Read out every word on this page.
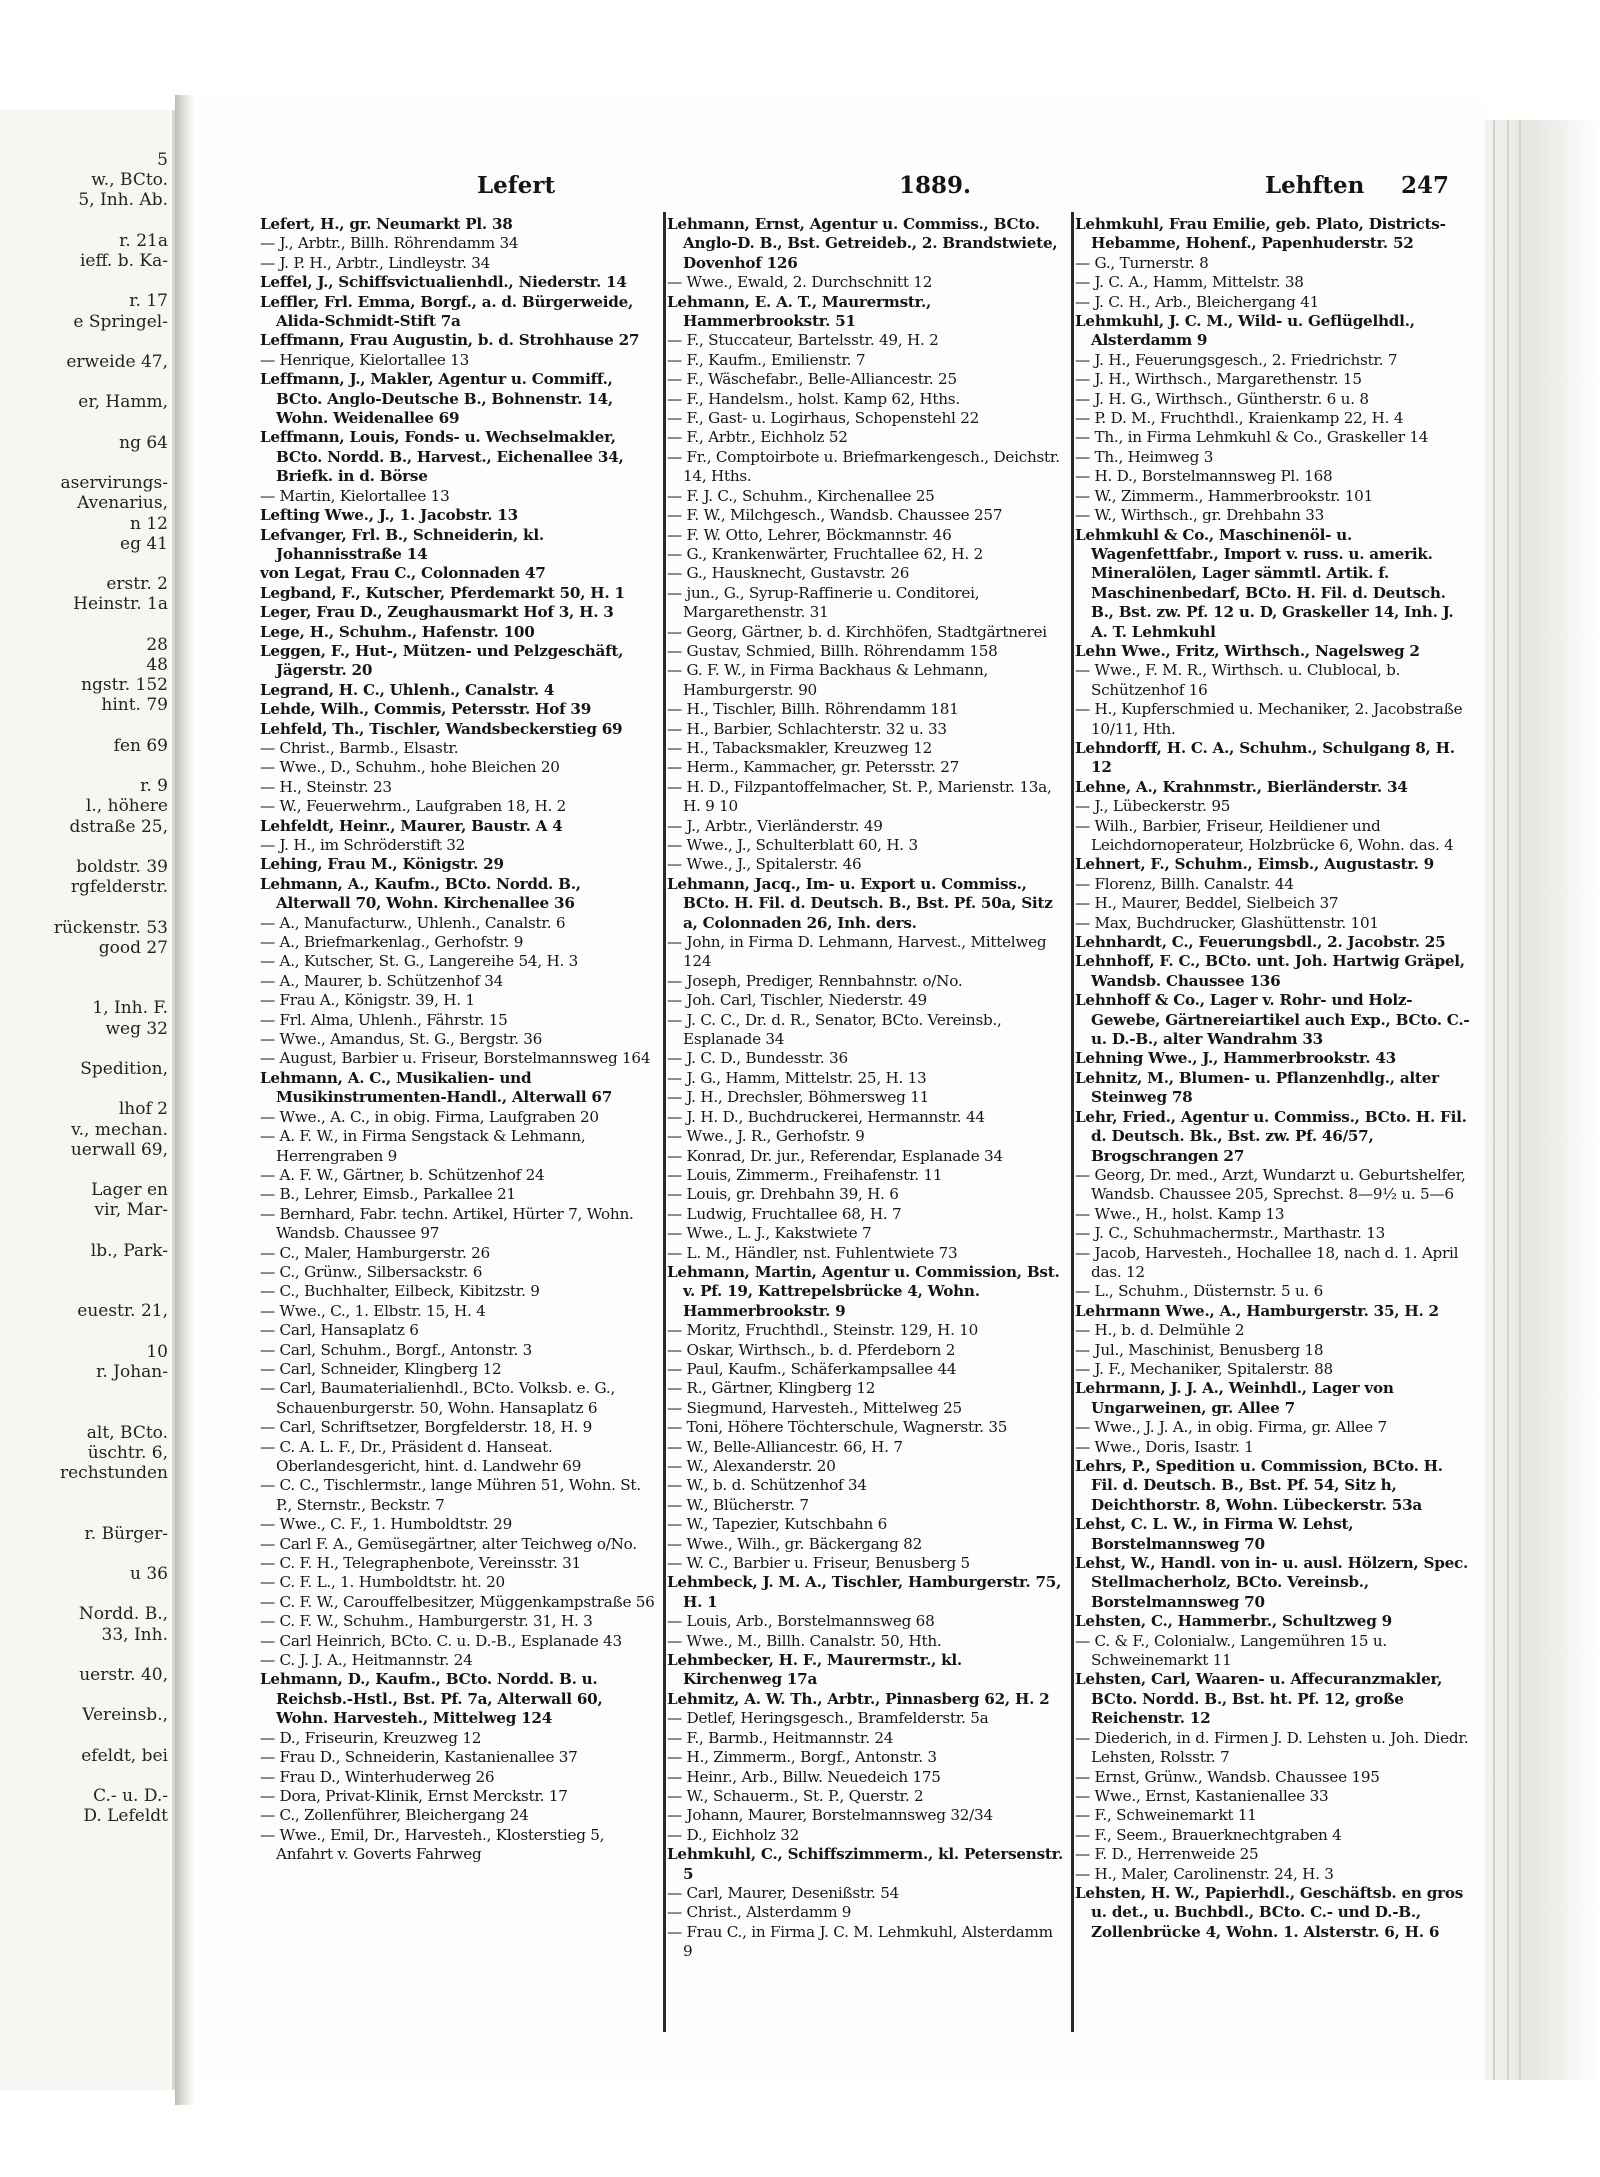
5
w., BCto.
5, Inh. Ab.
r. 21a
ieff. b. Ka-
r. 17
e Springel-
erweide 47,
er, Hamm,
ng 64
aservirungs-
Avenarius,
n 12
eg 41
erstr. 2
Heinstr. 1a
28
48
ngstr. 152
hint. 79
fen 69
r. 9
l., höhere
dstraße 25,
boldstr. 39
rgfelderstr.
rückenstr. 53
good 27
1, Inh. F.
weg 32
Spedition,
lhof 2
v., mechan.
uerwall 69,
Lager en
vir, Mar-
lb., Park-
euestr. 21,
10
r. Johan-
alt, BCto.
üschtr. 6,
rechstunden
r. Bürger-
u 36
Nordd. B.,
33, Inh.
uerstr. 40,
Vereinsb.,
efeldt, bei
C.- u. D.-
D. Lefeldt
Lefert	1889.	Lehften 247

Lefert, H., gr. Neumarkt Pl. 38

— J., Arbtr., Billh. Röhrendamm 34

— J. P. H., Arbtr., Lindleystr. 34

Leffel, J., Schiffsvictualienhdl., Niederstr. 14

Leffler, Frl. Emma, Borgf., a. d. Bürgerweide, Alida-Schmidt-Stift 7a

Leffmann, Frau Augustin, b. d. Strohhause 27

— Henrique, Kielortallee 13

Leffmann, J., Makler, Agentur u. Commiff., BCto. Anglo-Deutsche B., Bohnenstr. 14, Wohn. Weidenallee 69

Leffmann, Louis, Fonds- u. Wechselmakler, BCto. Nordd. B., Harvest., Eichenallee 34, Briefk. in d. Börse

— Martin, Kielortallee 13

Lefting Wwe., J., 1. Jacobstr. 13

Lefvanger, Frl. B., Schneiderin, kl. Johannisstraße 14

von Legat, Frau C., Colonnaden 47

Legband, F., Kutscher, Pferdemarkt 50, H. 1

Leger, Frau D., Zeughausmarkt Hof 3, H. 3

Lege, H., Schuhm., Hafenstr. 100

Leggen, F., Hut-, Mützen- und Pelzgeschäft, Jägerstr. 20

Legrand, H. C., Uhlenh., Canalstr. 4

Lehde, Wilh., Commis, Petersstr. Hof 39

Lehfeld, Th., Tischler, Wandsbeckerstieg 69

— Christ., Barmb., Elsastr.

— Wwe., D., Schuhm., hohe Bleichen 20

— H., Steinstr. 23

— W., Feuerwehrm., Laufgraben 18, H. 2

Lehfeldt, Heinr., Maurer, Baustr. A 4

— J. H., im Schröderstift 32

Lehing, Frau M., Königstr. 29

Lehmann, A., Kaufm., BCto. Nordd. B., Alterwall 70, Wohn. Kirchenallee 36

— A., Manufacturw., Uhlenh., Canalstr. 6

— A., Briefmarkenlag., Gerhofstr. 9

— A., Kutscher, St. G., Langereihe 54, H. 3

— A., Maurer, b. Schützenhof 34

— Frau A., Königstr. 39, H. 1

— Frl. Alma, Uhlenh., Fährstr. 15

— Wwe., Amandus, St. G., Bergstr. 36

— August, Barbier u. Friseur, Borstelmannsweg 164

Lehmann, A. C., Musikalien- und Musikinstrumenten-Handl., Alterwall 67

— Wwe., A. C., in obig. Firma, Laufgraben 20

— A. F. W., in Firma Sengstack & Lehmann, Herrengraben 9

— A. F. W., Gärtner, b. Schützenhof 24

— B., Lehrer, Eimsb., Parkallee 21

— Bernhard, Fabr. techn. Artikel, Hürter 7, Wohn. Wandsb. Chaussee 97

— C., Maler, Hamburgerstr. 26

— C., Grünw., Silbersackstr. 6

— C., Buchhalter, Eilbeck, Kibitzstr. 9

— Wwe., C., 1. Elbstr. 15, H. 4

— Carl, Hansaplatz 6

— Carl, Schuhm., Borgf., Antonstr. 3

— Carl, Schneider, Klingberg 12

— Carl, Baumaterialienhdl., BCto. Volksb. e. G., Schauenburgerstr. 50, Wohn. Hansaplatz 6

— Carl, Schriftsetzer, Borgfelderstr. 18, H. 9

— C. A. L. F., Dr., Präsident d. Hanseat. Oberlandesgericht, hint. d. Landwehr 69

— C. C., Tischlermstr., lange Mühren 51, Wohn. St. P., Sternstr., Beckstr. 7

— Wwe., C. F., 1. Humboldtstr. 29

— Carl F. A., Gemüsegärtner, alter Teichweg o/No.

— C. F. H., Telegraphenbote, Vereinsstr. 31

— C. F. L., 1. Humboldtstr. ht. 20

— C. F. W., Carouffelbesitzer, Müggenkampstraße 56

— C. F. W., Schuhm., Hamburgerstr. 31, H. 3

— Carl Heinrich, BCto. C. u. D.-B., Esplanade 43

— C. J. J. A., Heitmannstr. 24

Lehmann, D., Kaufm., BCto. Nordd. B. u. Reichsb.-Hstl., Bst. Pf. 7a, Alterwall 60, Wohn. Harvesteh., Mittelweg 124

— D., Friseurin, Kreuzweg 12

— Frau D., Schneiderin, Kastanienallee 37

— Frau D., Winterhuderweg 26

— Dora, Privat-Klinik, Ernst Merckstr. 17

— C., Zollenführer, Bleichergang 24

— Wwe., Emil, Dr., Harvesteh., Klosterstieg 5, Anfahrt v. Goverts Fahrweg

Lehmann, Ernst, Agentur u. Commiss., BCto. Anglo-D. B., Bst. Getreideb., 2. Brandstwiete, Dovenhof 126

— Wwe., Ewald, 2. Durchschnitt 12

Lehmann, E. A. T., Maurermstr., Hammerbrookstr. 51

— F., Stuccateur, Bartelsstr. 49, H. 2

— F., Kaufm., Emilienstr. 7

— F., Wäschefabr., Belle-Alliancestr. 25

— F., Handelsm., holst. Kamp 62, Hths.

— F., Gast- u. Logirhaus, Schopenstehl 22

— F., Arbtr., Eichholz 52

— Fr., Comptoirbote u. Briefmarkengesch., Deichstr. 14, Hths.

— F. J. C., Schuhm., Kirchenallee 25

— F. W., Milchgesch., Wandsb. Chaussee 257

— F. W. Otto, Lehrer, Böckmannstr. 46

— G., Krankenwärter, Fruchtallee 62, H. 2

— G., Hausknecht, Gustavstr. 26

— jun., G., Syrup-Raffinerie u. Conditorei, Margarethenstr. 31

— Georg, Gärtner, b. d. Kirchhöfen, Stadtgärtnerei

— Gustav, Schmied, Billh. Röhrendamm 158

— G. F. W., in Firma Backhaus & Lehmann, Hamburgerstr. 90

— H., Tischler, Billh. Röhrendamm 181

— H., Barbier, Schlachterstr. 32 u. 33

— H., Tabacksmakler, Kreuzweg 12

— Herm., Kammacher, gr. Petersstr. 27

— H. D., Filzpantoffelmacher, St. P., Marienstr. 13a, H. 9 10

— J., Arbtr., Vierländerstr. 49

— Wwe., J., Schulterblatt 60, H. 3

— Wwe., J., Spitalerstr. 46

Lehmann, Jacq., Im- u. Export u. Commiss., BCto. H. Fil. d. Deutsch. B., Bst. Pf. 50a, Sitz a, Colonnaden 26, Inh. ders.

— John, in Firma D. Lehmann, Harvest., Mittelweg 124

— Joseph, Prediger, Rennbahnstr. o/No.

— Joh. Carl, Tischler, Niederstr. 49

— J. C. C., Dr. d. R., Senator, BCto. Vereinsb., Esplanade 34

— J. C. D., Bundesstr. 36

— J. G., Hamm, Mittelstr. 25, H. 13

— J. H., Drechsler, Böhmersweg 11

— J. H. D., Buchdruckerei, Hermannstr. 44

— Wwe., J. R., Gerhofstr. 9

— Konrad, Dr. jur., Referendar, Esplanade 34

— Louis, Zimmerm., Freihafenstr. 11

— Louis, gr. Drehbahn 39, H. 6

— Ludwig, Fruchtallee 68, H. 7

— Wwe., L. J., Kakstwiete 7

— L. M., Händler, nst. Fuhlentwiete 73

Lehmann, Martin, Agentur u. Commission, Bst. v. Pf. 19, Kattrepelsbrücke 4, Wohn. Hammerbrookstr. 9

— Moritz, Fruchthdl., Steinstr. 129, H. 10

— Oskar, Wirthsch., b. d. Pferdeborn 2

— Paul, Kaufm., Schäferkampsallee 44

— R., Gärtner, Klingberg 12

— Siegmund, Harvesteh., Mittelweg 25

— Toni, Höhere Töchterschule, Wagnerstr. 35

— W., Belle-Alliancestr. 66, H. 7

— W., Alexanderstr. 20

— W., b. d. Schützenhof 34

— W., Blücherstr. 7

— W., Tapezier, Kutschbahn 6

— Wwe., Wilh., gr. Bäckergang 82

— W. C., Barbier u. Friseur, Benusberg 5

Lehmbeck, J. M. A., Tischler, Hamburgerstr. 75, H. 1

— Louis, Arb., Borstelmannsweg 68

— Wwe., M., Billh. Canalstr. 50, Hth.

Lehmbecker, H. F., Maurermstr., kl. Kirchenweg 17a

Lehmitz, A. W. Th., Arbtr., Pinnasberg 62, H. 2

— Detlef, Heringsgesch., Bramfelderstr. 5a

— F., Barmb., Heitmannstr. 24

— H., Zimmerm., Borgf., Antonstr. 3

— Heinr., Arb., Billw. Neuedeich 175

— W., Schauerm., St. P., Querstr. 2

— Johann, Maurer, Borstelmannsweg 32/34

— D., Eichholz 32

Lehmkuhl, C., Schiffszimmerm., kl. Petersenstr. 5

— Carl, Maurer, Desenißstr. 54

— Christ., Alsterdamm 9

— Frau C., in Firma J. C. M. Lehmkuhl, Alsterdamm 9

Lehmkuhl, Frau Emilie, geb. Plato, Districts-Hebamme, Hohenf., Papenhuderstr. 52

— G., Turnerstr. 8

— J. C. A., Hamm, Mittelstr. 38

— J. C. H., Arb., Bleichergang 41

Lehmkuhl, J. C. M., Wild- u. Geflügelhdl., Alsterdamm 9

— J. H., Feuerungsgesch., 2. Friedrichstr. 7

— J. H., Wirthsch., Margarethenstr. 15

— J. H. G., Wirthsch., Güntherstr. 6 u. 8

— P. D. M., Fruchthdl., Kraienkamp 22, H. 4

— Th., in Firma Lehmkuhl & Co., Graskeller 14

— Th., Heimweg 3

— H. D., Borstelmannsweg Pl. 168

— W., Zimmerm., Hammerbrookstr. 101

— W., Wirthsch., gr. Drehbahn 33

Lehmkuhl & Co., Maschinenöl- u. Wagenfettfabr., Import v. russ. u. amerik. Mineralölen, Lager sämmtl. Artik. f. Maschinenbedarf, BCto. H. Fil. d. Deutsch. B., Bst. zw. Pf. 12 u. D, Graskeller 14, Inh. J. A. T. Lehmkuhl

Lehn Wwe., Fritz, Wirthsch., Nagelsweg 2

— Wwe., F. M. R., Wirthsch. u. Clublocal, b. Schützenhof 16

— H., Kupferschmied u. Mechaniker, 2. Jacobstraße 10/11, Hth.

Lehndorff, H. C. A., Schuhm., Schulgang 8, H. 12

Lehne, A., Krahnmstr., Bierländerstr. 34

— J., Lübeckerstr. 95

— Wilh., Barbier, Friseur, Heildiener und Leichdornoperateur, Holzbrücke 6, Wohn. das. 4

Lehnert, F., Schuhm., Eimsb., Augustastr. 9

— Florenz, Billh. Canalstr. 44

— H., Maurer, Beddel, Sielbeich 37

— Max, Buchdrucker, Glashüttenstr. 101

Lehnhardt, C., Feuerungsbdl., 2. Jacobstr. 25

Lehnhoff, F. C., BCto. unt. Joh. Hartwig Gräpel, Wandsb. Chaussee 136

Lehnhoff & Co., Lager v. Rohr- und Holz-Gewebe, Gärtnereiartikel auch Exp., BCto. C.- u. D.-B., alter Wandrahm 33

Lehning Wwe., J., Hammerbrookstr. 43

Lehnitz, M., Blumen- u. Pflanzenhdlg., alter Steinweg 78

Lehr, Fried., Agentur u. Commiss., BCto. H. Fil. d. Deutsch. Bk., Bst. zw. Pf. 46/57, Brogschrangen 27

— Georg, Dr. med., Arzt, Wundarzt u. Geburtshelfer, Wandsb. Chaussee 205, Sprechst. 8—9½ u. 5—6

— Wwe., H., holst. Kamp 13

— J. C., Schuhmachermstr., Marthastr. 13

— Jacob, Harvesteh., Hochallee 18, nach d. 1. April das. 12

— L., Schuhm., Düsternstr. 5 u. 6

Lehrmann Wwe., A., Hamburgerstr. 35, H. 2

— H., b. d. Delmühle 2

— Jul., Maschinist, Benusberg 18

— J. F., Mechaniker, Spitalerstr. 88

Lehrmann, J. J. A., Weinhdl., Lager von Ungarweinen, gr. Allee 7

— Wwe., J. J. A., in obig. Firma, gr. Allee 7

— Wwe., Doris, Isastr. 1

Lehrs, P., Spedition u. Commission, BCto. H. Fil. d. Deutsch. B., Bst. Pf. 54, Sitz h, Deichthorstr. 8, Wohn. Lübeckerstr. 53a

Lehst, C. L. W., in Firma W. Lehst, Borstelmannsweg 70

Lehst, W., Handl. von in- u. ausl. Hölzern, Spec. Stellmacherholz, BCto. Vereinsb., Borstelmannsweg 70

Lehsten, C., Hammerbr., Schultzweg 9

— C. & F., Colonialw., Langemühren 15 u. Schweinemarkt 11

Lehsten, Carl, Waaren- u. Affecuranzmakler, BCto. Nordd. B., Bst. ht. Pf. 12, große Reichenstr. 12

— Diederich, in d. Firmen J. D. Lehsten u. Joh. Diedr. Lehsten, Rolsstr. 7

— Ernst, Grünw., Wandsb. Chaussee 195

— Wwe., Ernst, Kastanienallee 33

— F., Schweinemarkt 11

— F., Seem., Brauerknechtgraben 4

— F. D., Herrenweide 25

— H., Maler, Carolinenstr. 24, H. 3

Lehsten, H. W., Papierhdl., Geschäftsb. en gros u. det., u. Buchbdl., BCto. C.- und D.-B., Zollenbrücke 4, Wohn. 1. Alsterstr. 6, H. 6
